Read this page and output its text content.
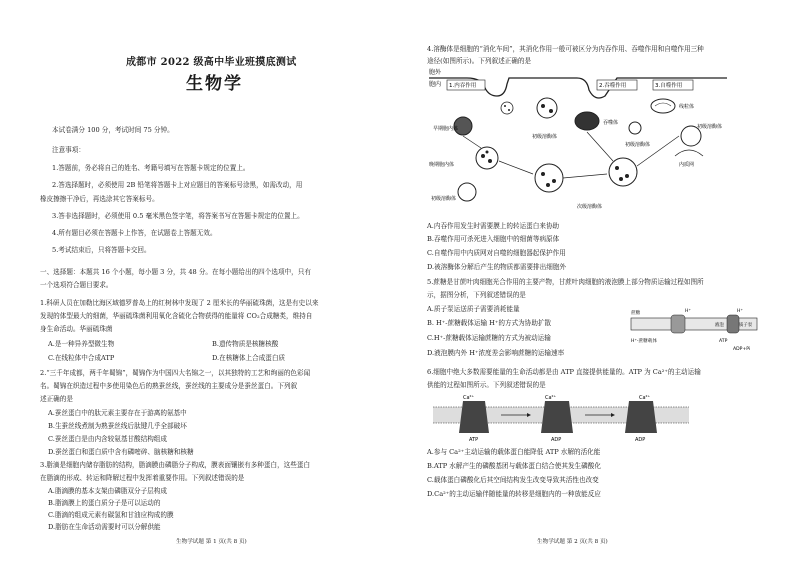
成都市 2022 级高中毕业班摸底测试
生物学
本试卷满分 100 分，考试时间 75 分钟。
注意事项：
1.答题前，务必将自己的姓名、考籍号填写在答题卡规定的位置上。
2.答选择题时，必须使用 2B 铅笔将答题卡上对应题目的答案标号涂黑，如需改动，用
橡皮擦擦干净后，再选涂其它答案标号。
3.答非选择题时，必须使用 0.5 毫米黑色签字笔，将答案书写在答题卡规定的位置上。
4.所有题目必须在答题卡上作答，在试题卷上答题无效。
5.考试结束后，只将答题卡交回。
一、选择题：本题共 16 个小题，每小题 3 分，共 48 分。在每小题给出的四个选项中，只有
一个选项符合题目要求。
1.科研人员在加勒比海区域德罗普岛上的红树林中发现了 2 厘米长的华丽硫珠菌，这是有史以来
发现的体型最大的细菌，华丽硫珠菌利用氧化含硫化合物获得的能量将 CO₂合成糖类，维持自
身生命活动。华丽硫珠菌
A.是一种异养型微生物	B.遗传物质是核糖核酸
C.在线粒体中合成ATP	D.在核糖体上合成蛋白质
2.“三千年成都，两千年蜀锦”，蜀锦作为中国四大名锦之一，以其独特的工艺和绚丽的色彩闻
名。蜀锦在织造过程中多使用染色后的熟蚕丝线，蚕丝线的主要成分是蚕丝蛋白。下列叙
述正确的是
A.蚕丝蛋白中的肽元素主要存在于游离的氨基中
B.生蚕丝线煮制为熟蚕丝线后肽键几乎全部破坏
C.蚕丝蛋白是由内含较氨基甘酸结构组成
D.蚕丝蛋白和蛋白质中含有磷嘧碎、脑核糖和核糖
3.脂滴是细胞内储存脂肪的结构，脂滴膜由磷脂分子构成，膜表面镶嵌有多种蛋白，这些蛋白
在脂滴的形成、转运和降解过程中发挥着重要作用。下列叙述错误的是
A.脂滴膜的基本支架由磷脂双分子层构成
B.脂滴膜上的蛋白质分子是可以运动的
C.脂滴的组成元素有碳氢和甘油应构成的膜
D.脂肪在生命活动需要时可以分解供能
生物学试题 第 1 页(共 8 页)
4.溶酶体是细胞的“消化车间”，其消化作用一般可被区分为内吞作用、吞噬作用和自噬作用三种
途径(如图所示)。下列叙述正确的是
胞外
胞内 1.内吞作用	2.吞噬作用	3.自噬作用
早期胞内体
初级溶酶体
吞噬体
初级溶酶体
线粒体
初级溶酶体
内质网
晚期胞内体
初级溶酶体
次级溶酶体
A.内吞作用发生时需要膜上的转运蛋白来协助
B.吞噬作用可杀死进入细胞中的细菌等病原体
C.自噬作用中内质网对自噬的细胞器起保护作用
D.被溶酶体分解后产生的物质都需要排出细胞外
5.蔗糖是甘蔗叶肉细胞光合作用的主要产物，甘蔗叶肉细胞的液泡膜上部分物质运输过程如图所
示，据图分析，下列叙述错误的是
A.质子泵运送质子需要消耗能量
B. H⁺-蔗糖载体运输 H⁺的方式为协助扩散
C.H⁺-蔗糖载体运输蔗糖的方式为被动运输
D.液泡膜内外 H⁺浓度差会影响蔗糖的运输速率
蔗糖	H⁺	H⁺
液泡	质子泵
H⁺-蔗糖载体	ATP
ADP+Pi
6.细胞中绝大多数需要能量的生命活动都是由 ATP 直接提供能量的。ATP 为 Ca²⁺的主动运输
供能的过程如图所示。下列叙述错误的是
Ca²⁺	Ca²⁺	Ca²⁺
ATP	ADP	ADP
A.参与 Ca²⁺主动运输的载体蛋白能降低 ATP 水解的活化能
B.ATP 水解产生的磷酸基团与载体蛋白结合使其发生磷酸化
C.载体蛋白磷酸化后其空间结构发生改变导致其活性也改变
D.Ca²⁺的主动运输伴随能量的转移是细胞内的一种放能反应
生物学试题 第 2 页(共 8 页)
